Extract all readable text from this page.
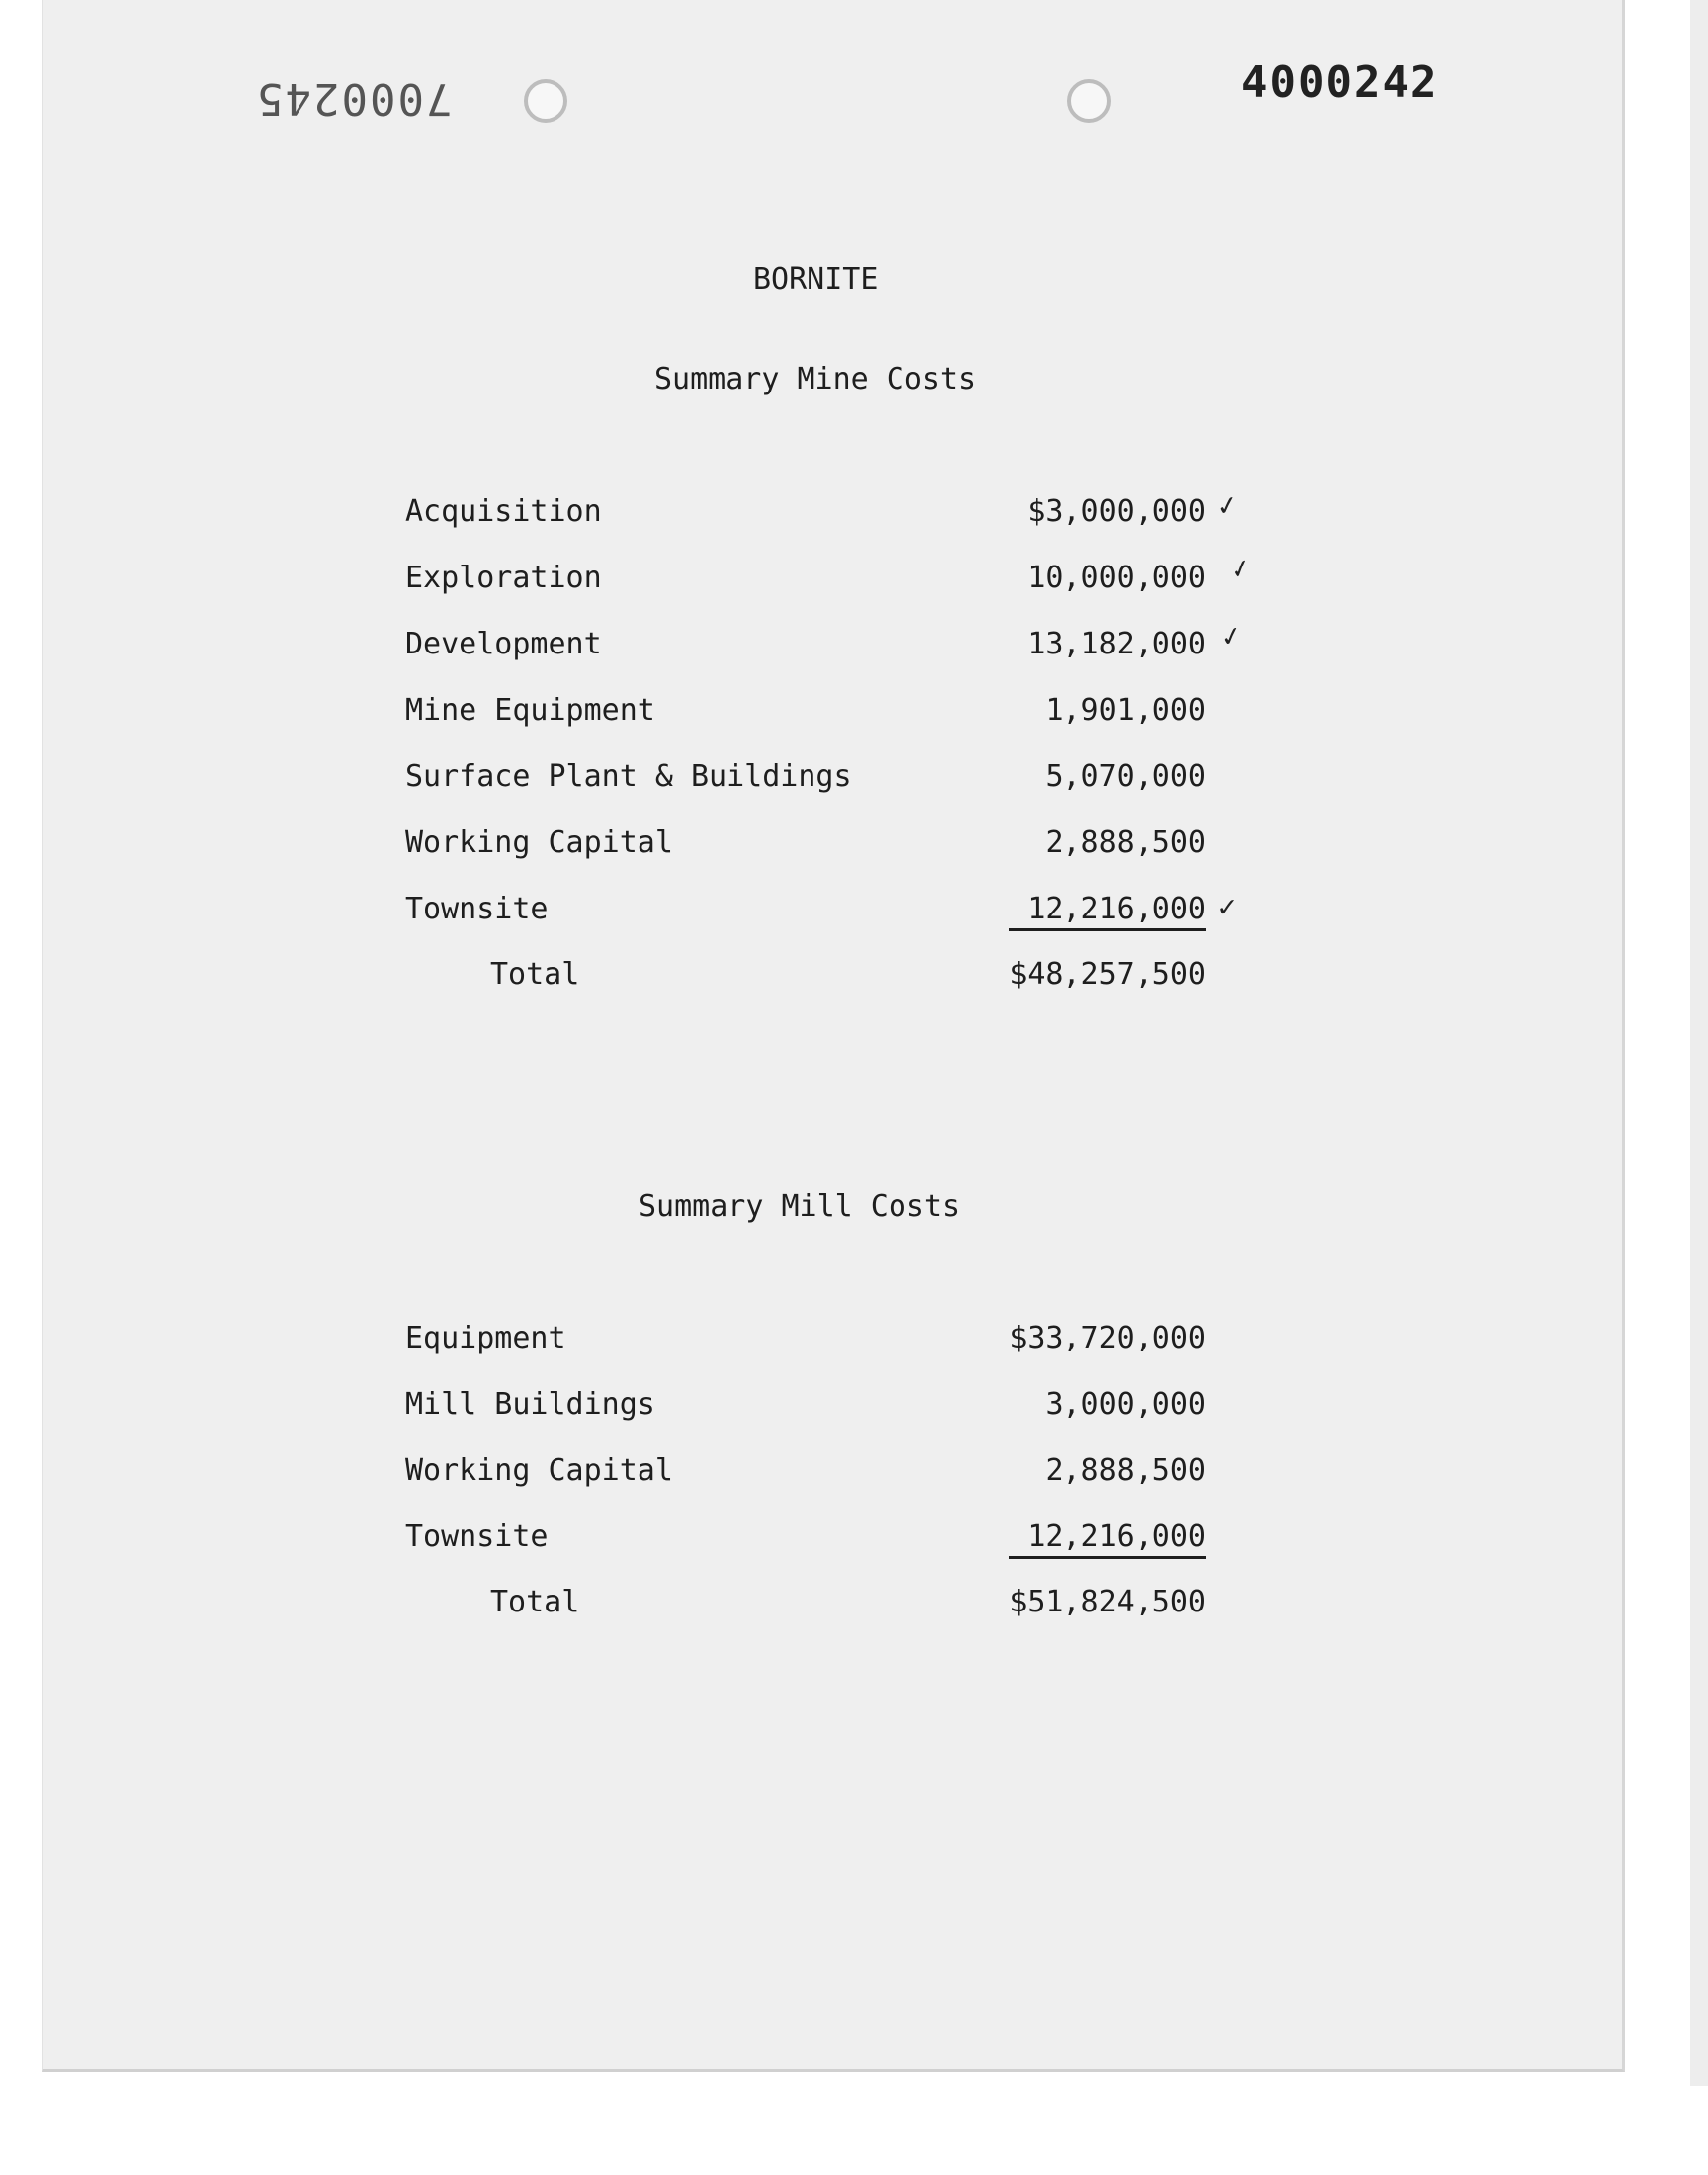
7000245	4000242
BORNITE
Summary Mine Costs
Acquisition	$3,000,000
Exploration	10,000,000
Development	13,182,000
Mine Equipment	1,901,000
Surface Plant & Buildings	5,070,000
Working Capital	2,888,500
Townsite	12,216,000
Total	$48,257,500
✓
✓
✓
✓
Summary Mill Costs
Equipment	$33,720,000
Mill Buildings	3,000,000
Working Capital	2,888,500
Townsite	12,216,000
Total	$51,824,500
